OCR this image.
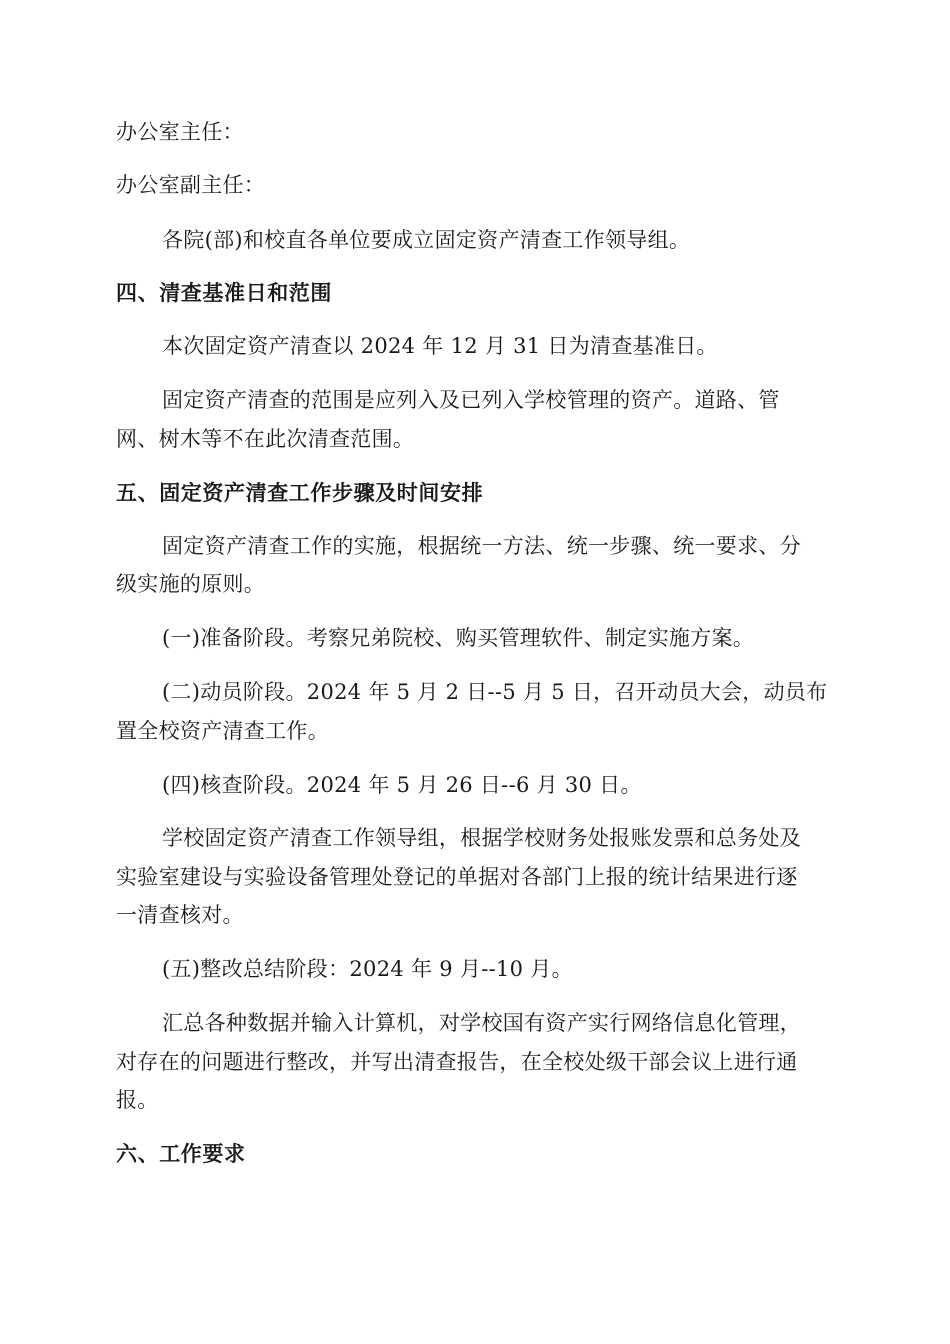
办公室主任：
办公室副主任：
各院(部)和校直各单位要成立固定资产清查工作领导组。
四、清查基准日和范围
本次固定资产清查以 2024 年 12 月 31 日为清查基准日。
固定资产清查的范围是应列入及已列入学校管理的资产。道路、管
网、树木等不在此次清查范围。
五、固定资产清查工作步骤及时间安排
固定资产清查工作的实施，根据统一方法、统一步骤、统一要求、分
级实施的原则。
(一)准备阶段。考察兄弟院校、购买管理软件、制定实施方案。
(二)动员阶段。2024 年 5 月 2 日--5 月 5 日，召开动员大会，动员布
置全校资产清查工作。
(四)核查阶段。2024 年 5 月 26 日--6 月 30 日。
学校固定资产清查工作领导组，根据学校财务处报账发票和总务处及
实验室建设与实验设备管理处登记的单据对各部门上报的统计结果进行逐
一清查核对。
(五)整改总结阶段：2024 年 9 月--10 月。
汇总各种数据并输入计算机，对学校国有资产实行网络信息化管理，
对存在的问题进行整改，并写出清查报告，在全校处级干部会议上进行通
报。
六、工作要求
